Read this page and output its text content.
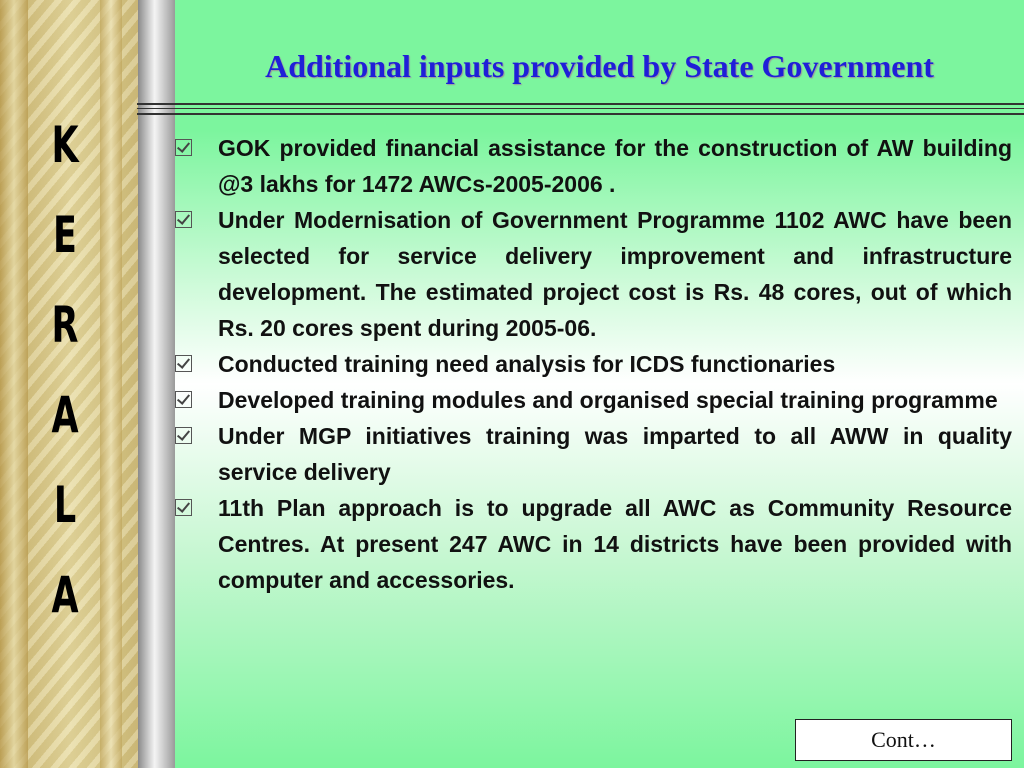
K
E
R
A
L
A
Additional inputs provided by State Government
GOK provided financial assistance for the construction of AW building @3 lakhs for 1472 AWCs-2005-2006 .
Under Modernisation of Government Programme 1102 AWC have been selected for service delivery improvement and infrastructure development. The estimated project cost is Rs. 48 cores, out of which Rs. 20 cores spent during 2005-06.
Conducted training need analysis for ICDS functionaries
Developed training modules and organised special training programme
Under MGP initiatives training was imparted to all AWW in quality service delivery
11th Plan approach is to upgrade all AWC as Community Resource Centres. At present 247 AWC in 14 districts have been provided with computer and accessories.
Cont…
